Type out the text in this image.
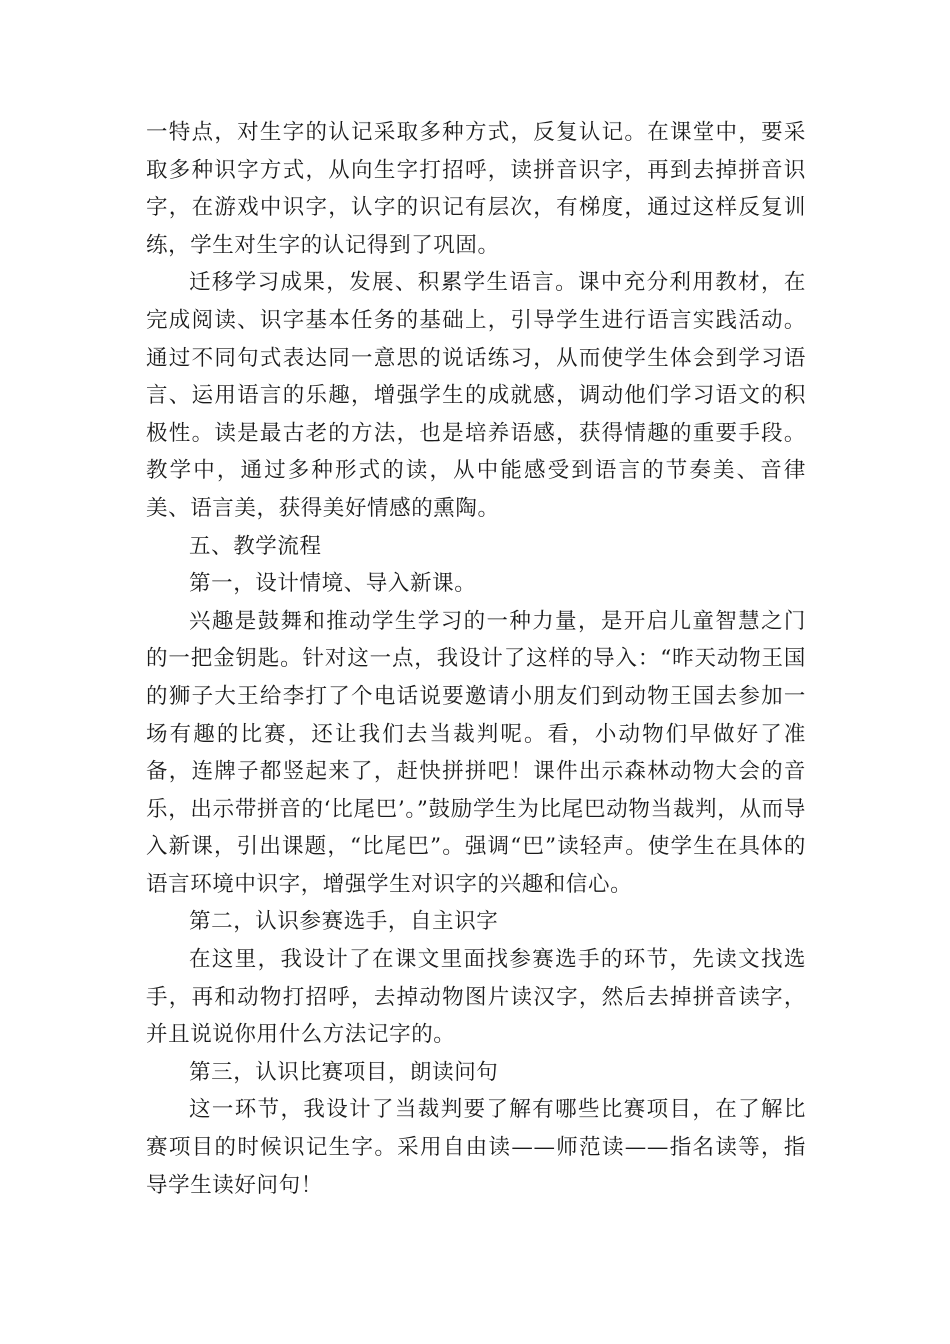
一特点，对生字的认记采取多种方式，反复认记。在课堂中，要采取多种识字方式，从向生字打招呼，读拼音识字，再到去掉拼音识字，在游戏中识字，认字的识记有层次，有梯度，通过这样反复训练，学生对生字的认记得到了巩固。

迁移学习成果，发展、积累学生语言。课中充分利用教材，在完成阅读、识字基本任务的基础上，引导学生进行语言实践活动。通过不同句式表达同一意思的说话练习，从而使学生体会到学习语言、运用语言的乐趣，增强学生的成就感，调动他们学习语文的积极性。读是最古老的方法，也是培养语感，获得情趣的重要手段。教学中，通过多种形式的读，从中能感受到语言的节奏美、音律美、语言美，获得美好情感的熏陶。

五、教学流程

第一，设计情境、导入新课。

兴趣是鼓舞和推动学生学习的一种力量，是开启儿童智慧之门的一把金钥匙。针对这一点，我设计了这样的导入：“昨天动物王国的狮子大王给李打了个电话说要邀请小朋友们到动物王国去参加一场有趣的比赛，还让我们去当裁判呢。看，小动物们早做好了准备，连牌子都竖起来了，赶快拼拼吧！课件出示森林动物大会的音乐，出示带拼音的‘比尾巴’。”鼓励学生为比尾巴动物当裁判，从而导入新课，引出课题，“比尾巴”。强调“巴”读轻声。使学生在具体的语言环境中识字，增强学生对识字的兴趣和信心。

第二，认识参赛选手，自主识字

在这里，我设计了在课文里面找参赛选手的环节，先读文找选手，再和动物打招呼，去掉动物图片读汉字，然后去掉拼音读字，并且说说你用什么方法记字的。

第三，认识比赛项目，朗读问句

这一环节，我设计了当裁判要了解有哪些比赛项目，在了解比赛项目的时候识记生字。采用自由读——师范读——指名读等，指导学生读好问句！
